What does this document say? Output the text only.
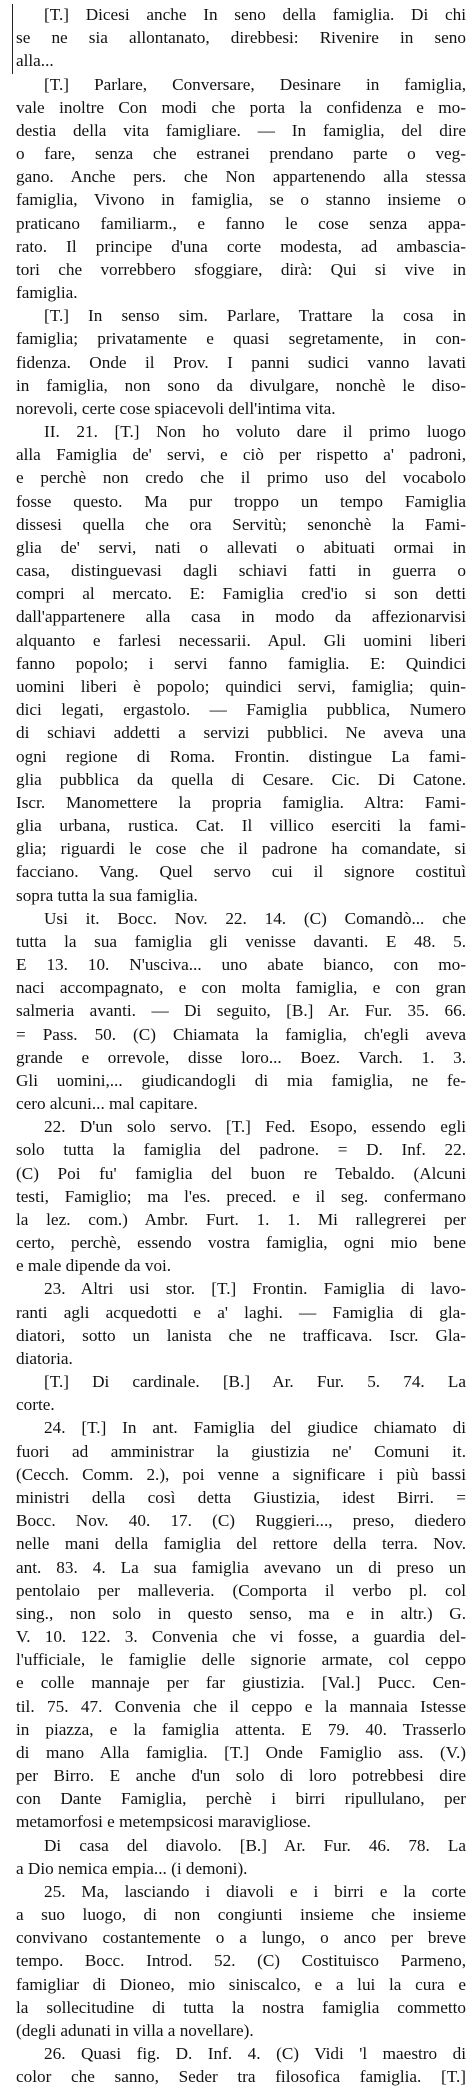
[T.] Dicesi anche In seno della famiglia. Di chi
se ne sia allontanato, direbbesi: Rivenire in seno
alla...
[T.] Parlare, Conversare, Desinare in famiglia,
vale inoltre Con modi che porta la confidenza e mo-
destia della vita famigliare. — In famiglia, del dire
o fare, senza che estranei prendano parte o veg-
gano. Anche pers. che Non appartenendo alla stessa
famiglia, Vivono in famiglia, se o stanno insieme o
praticano familiarm., e fanno le cose senza appa-
rato. Il principe d'una corte modesta, ad ambascia-
tori che vorrebbero sfoggiare, dirà: Qui si vive in
famiglia.
[T.] In senso sim. Parlare, Trattare la cosa in
famiglia; privatamente e quasi segretamente, in con-
fidenza. Onde il Prov. I panni sudici vanno lavati
in famiglia, non sono da divulgare, nonchè le diso-
norevoli, certe cose spiacevoli dell'intima vita.
II. 21. [T.] Non ho voluto dare il primo luogo
alla Famiglia de' servi, e ciò per rispetto a' padroni,
e perchè non credo che il primo uso del vocabolo
fosse questo. Ma pur troppo un tempo Famiglia
dissesi quella che ora Servitù; senonchè la Fami-
glia de' servi, nati o allevati o abituati ormai in
casa, distinguevasi dagli schiavi fatti in guerra o
compri al mercato. E: Famiglia cred'io si son detti
dall'appartenere alla casa in modo da affezionarvisi
alquanto e farlesi necessarii. Apul. Gli uomini liberi
fanno popolo; i servi fanno famiglia. E: Quindici
uomini liberi è popolo; quindici servi, famiglia; quin-
dici legati, ergastolo. — Famiglia pubblica, Numero
di schiavi addetti a servizi pubblici. Ne aveva una
ogni regione di Roma. Frontin. distingue La fami-
glia pubblica da quella di Cesare. Cic. Di Catone.
Iscr. Manomettere la propria famiglia. Altra: Fami-
glia urbana, rustica. Cat. Il villico eserciti la fami-
glia; riguardi le cose che il padrone ha comandate, si
facciano. Vang. Quel servo cui il signore costituì
sopra tutta la sua famiglia.
Usi it. Bocc. Nov. 22. 14. (C) Comandò... che
tutta la sua famiglia gli venisse davanti. E 48. 5.
E 13. 10. N'usciva... uno abate bianco, con mo-
naci accompagnato, e con molta famiglia, e con gran
salmeria avanti. — Di seguito, [B.] Ar. Fur. 35. 66.
= Pass. 50. (C) Chiamata la famiglia, ch'egli aveva
grande e orrevole, disse loro... Boez. Varch. 1. 3.
Gli uomini,... giudicandogli di mia famiglia, ne fe-
cero alcuni... mal capitare.
22. D'un solo servo. [T.] Fed. Esopo, essendo egli
solo tutta la famiglia del padrone. = D. Inf. 22.
(C) Poi fu' famiglia del buon re Tebaldo. (Alcuni
testi, Famiglio; ma l'es. preced. e il seg. confermano
la lez. com.) Ambr. Furt. 1. 1. Mi rallegrerei per
certo, perchè, essendo vostra famiglia, ogni mio bene
e male dipende da voi.
23. Altri usi stor. [T.] Frontin. Famiglia di lavo-
ranti agli acquedotti e a' laghi. — Famiglia di gla-
diatori, sotto un lanista che ne trafficava. Iscr. Gla-
diatoria.
[T.] Di cardinale. [B.] Ar. Fur. 5. 74. La
corte.
24. [T.] In ant. Famiglia del giudice chiamato di
fuori ad amministrar la giustizia ne' Comuni it.
(Cecch. Comm. 2.), poi venne a significare i più bassi
ministri della così detta Giustizia, idest Birri. =
Bocc. Nov. 40. 17. (C) Ruggieri..., preso, diedero
nelle mani della famiglia del rettore della terra. Nov.
ant. 83. 4. La sua famiglia avevano un di preso un
pentolaio per malleveria. (Comporta il verbo pl. col
sing., non solo in questo senso, ma e in altr.) G.
V. 10. 122. 3. Convenia che vi fosse, a guardia del-
l'ufficiale, le famiglie delle signorie armate, col ceppo
e colle mannaje per far giustizia. [Val.] Pucc. Cen-
til. 75. 47. Convenia che il ceppo e la mannaia Istesse
in piazza, e la famiglia attenta. E 79. 40. Trasserlo
di mano Alla famiglia. [T.] Onde Famiglio ass. (V.)
per Birro. E anche d'un solo di loro potrebbesi dire
con Dante Famiglia, perchè i birri ripullulano, per
metamorfosi e metempsicosi maravigliose.
Di casa del diavolo. [B.] Ar. Fur. 46. 78. La
a Dio nemica empia... (i demoni).
25. Ma, lasciando i diavoli e i birri e la corte
a suo luogo, di non congiunti insieme che insieme
convivano costantemente o a lungo, o anco per breve
tempo. Bocc. Introd. 52. (C) Costituisco Parmeno,
famigliar di Dioneo, mio siniscalco, e a lui la cura e
la sollecitudine di tutta la nostra famiglia commetto
(degli adunati in villa a novellare).
26. Quasi fig. D. Inf. 4. (C) Vidi 'l maestro di
color che sanno, Seder tra filosofica famiglia. [T.]
